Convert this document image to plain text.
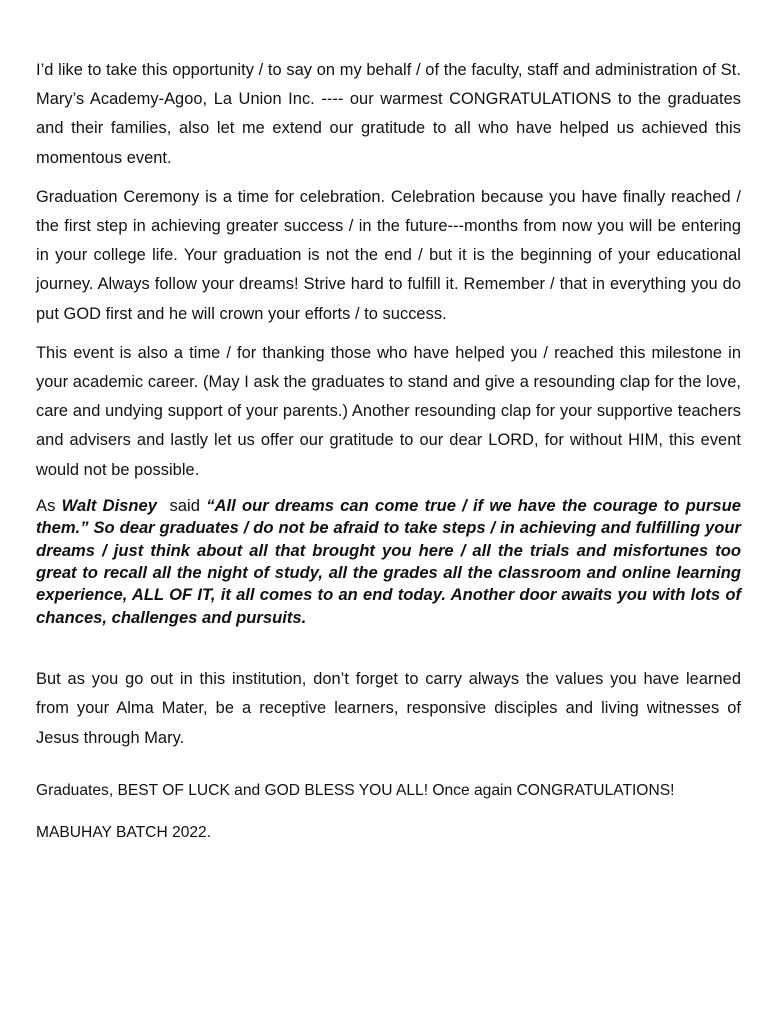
I’d like to take this opportunity / to say on my behalf / of the faculty, staff and administration of St. Mary’s Academy-Agoo, La Union Inc. ---- our warmest CONGRATULATIONS to the graduates and their families, also let me extend our gratitude to all who have helped us achieved this momentous event.

Graduation Ceremony is a time for celebration. Celebration because you have finally reached / the first step in achieving greater success / in the future---months from now you will be entering in your college life. Your graduation is not the end / but it is the beginning of your educational journey. Always follow your dreams! Strive hard to fulfill it. Remember / that in everything you do put GOD first and he will crown your efforts / to success.

This event is also a time / for thanking those who have helped you / reached this milestone in your academic career. (May I ask the graduates to stand and give a resounding clap for the love, care and undying support of your parents.) Another resounding clap for your supportive teachers and advisers and lastly let us offer our gratitude to our dear LORD, for without HIM, this event would not be possible.

As Walt Disney said “All our dreams can come true / if we have the courage to pursue them.” So dear graduates / do not be afraid to take steps / in achieving and fulfilling your dreams / just think about all that brought you here / all the trials and misfortunes too great to recall all the night of study, all the grades all the classroom and online learning experience, ALL OF IT, it all comes to an end today. Another door awaits you with lots of chances, challenges and pursuits.

But as you go out in this institution, don’t forget to carry always the values you have learned from your Alma Mater, be a receptive learners, responsive disciples and living witnesses of Jesus through Mary.

Graduates, BEST OF LUCK and GOD BLESS YOU ALL! Once again CONGRATULATIONS!

MABUHAY BATCH 2022.
